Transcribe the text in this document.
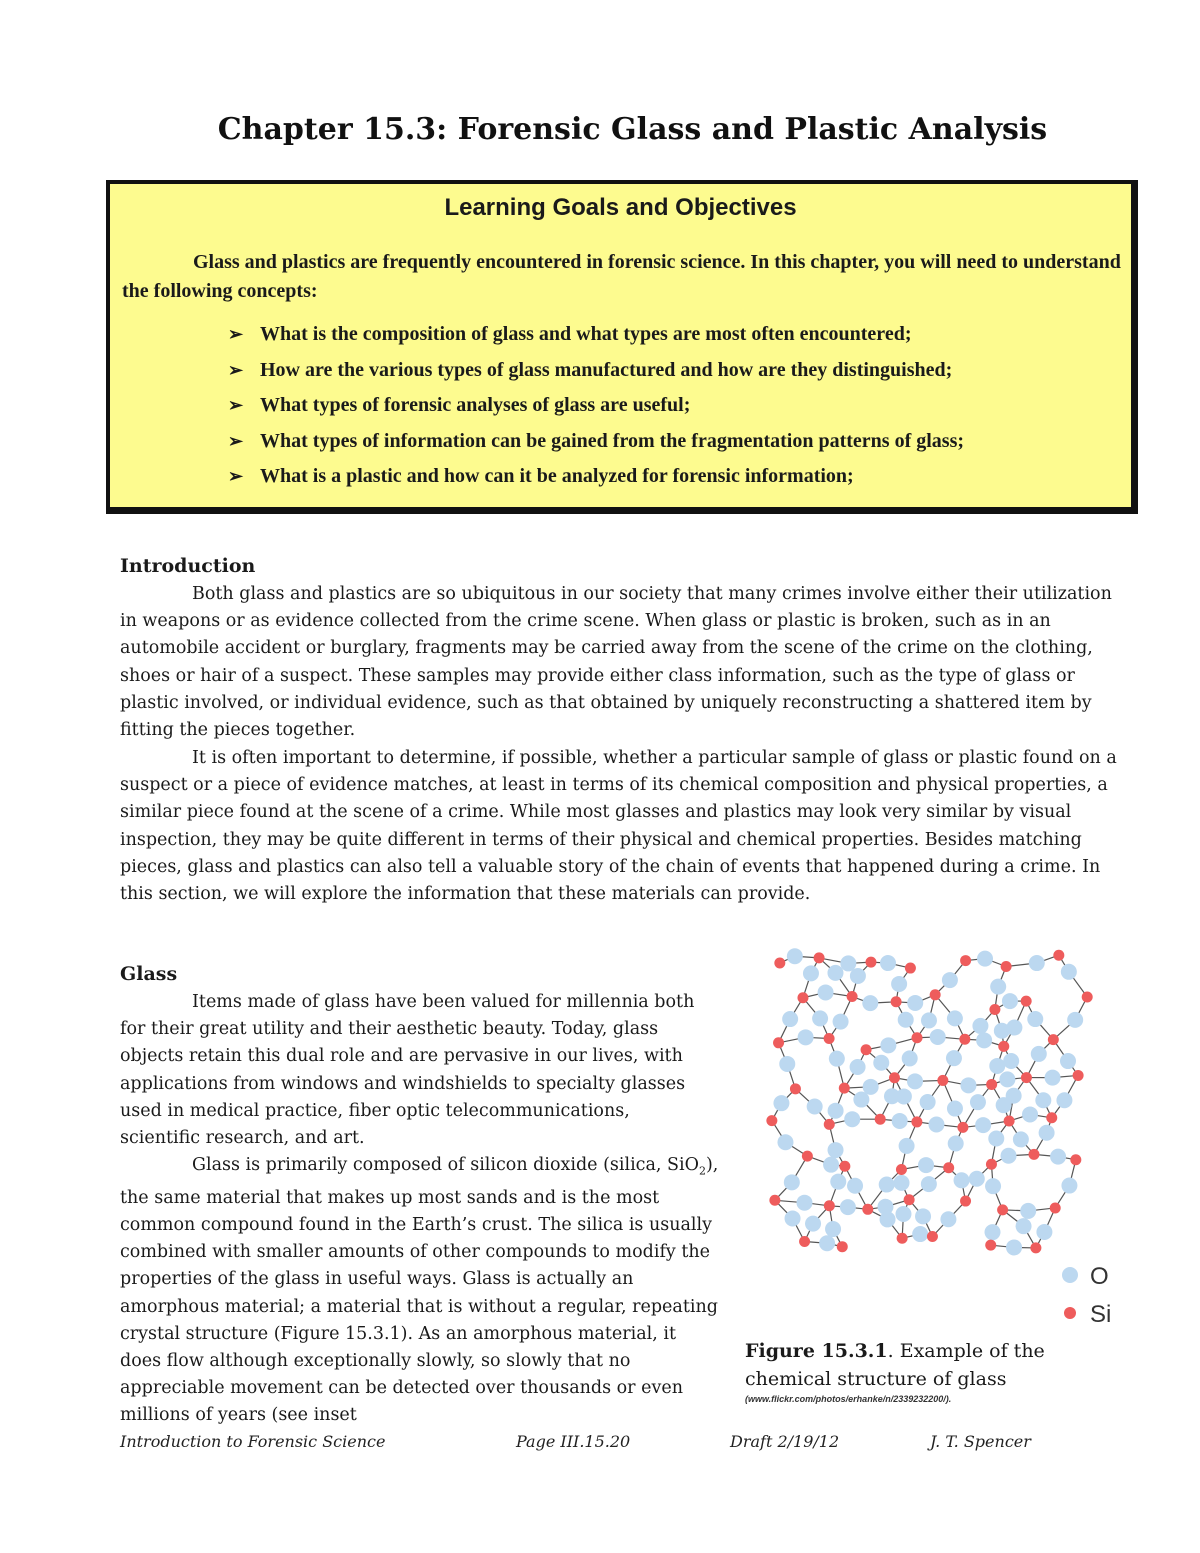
Chapter 15.3: Forensic Glass and Plastic Analysis
Learning Goals and Objectives
Glass and plastics are frequently encountered in forensic science. In this chapter, you will need to understand the following concepts:
➢ What is the composition of glass and what types are most often encountered;
➢ How are the various types of glass manufactured and how are they distinguished;
➢ What types of forensic analyses of glass are useful;
➢ What types of information can be gained from the fragmentation patterns of glass;
➢ What is a plastic and how can it be analyzed for forensic information;
Introduction

Both glass and plastics are so ubiquitous in our society that many crimes involve either their utilization in weapons or as evidence collected from the crime scene. When glass or plastic is broken, such as in an automobile accident or burglary, fragments may be carried away from the scene of the crime on the clothing, shoes or hair of a suspect. These samples may provide either class information, such as the type of glass or plastic involved, or individual evidence, such as that obtained by uniquely reconstructing a shattered item by fitting the pieces together.

It is often important to determine, if possible, whether a particular sample of glass or plastic found on a suspect or a piece of evidence matches, at least in terms of its chemical composition and physical properties, a similar piece found at the scene of a crime. While most glasses and plastics may look very similar by visual inspection, they may be quite different in terms of their physical and chemical properties. Besides matching pieces, glass and plastics can also tell a valuable story of the chain of events that happened during a crime. In this section, we will explore the information that these materials can provide.

Glass

Items made of glass have been valued for millennia both for their great utility and their aesthetic beauty. Today, glass objects retain this dual role and are pervasive in our lives, with applications from windows and windshields to specialty glasses used in medical practice, fiber optic telecommunications, scientific research, and art.

Glass is primarily composed of silicon dioxide (silica, SiO$_2$), the same material that makes up most sands and is the most common compound found in the Earth’s crust. The silica is usually combined with smaller amounts of other compounds to modify the properties of the glass in useful ways. Glass is actually an amorphous material; a material that is without a regular, repeating crystal structure (Figure 15.3.1). As an amorphous material, it does flow although exceptionally slowly, so slowly that no appreciable movement can be detected over thousands or even millions of years (see inset

O
Si
Figure 15.3.1. Example of the chemical structure of glass
(www.flickr.com/photos/erhanke/n/2339232200/).
Introduction to Forensic Science	Page III.15.20	Draft 2/19/12	J. T. Spencer
